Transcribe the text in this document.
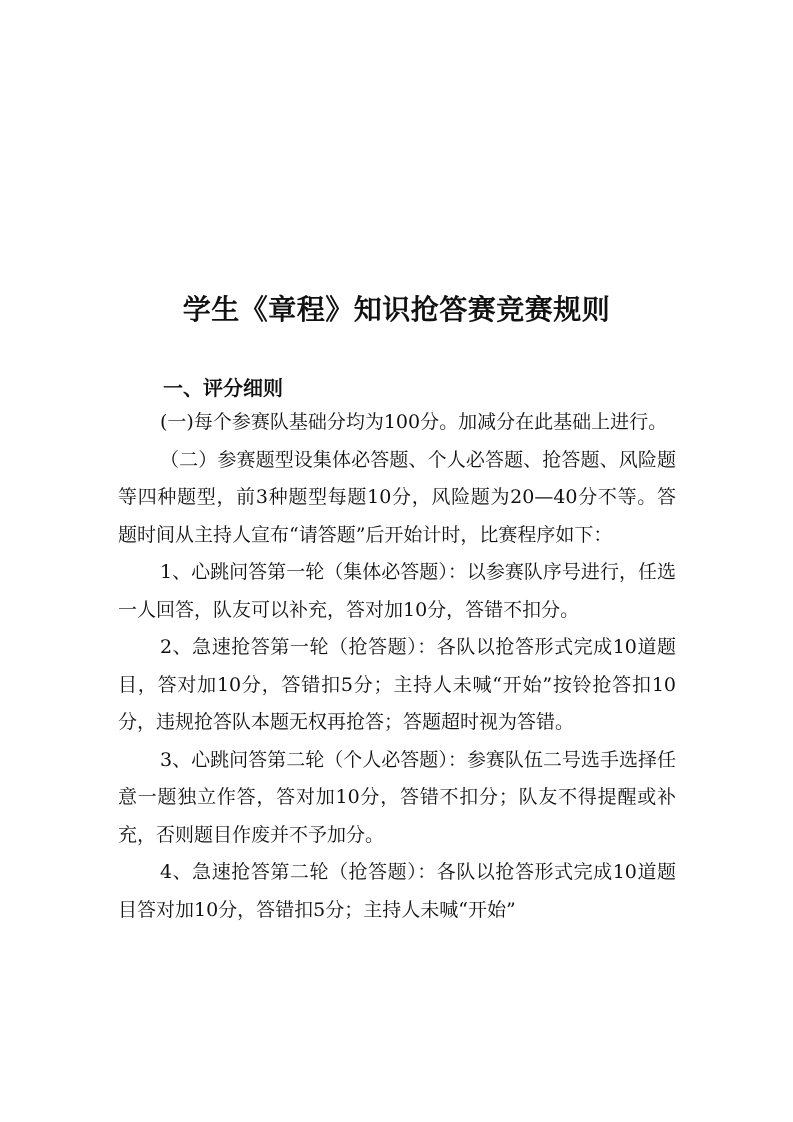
学生《章程》知识抢答赛竞赛规则
一、评分细则

(一)每个参赛队基础分均为100分。加减分在此基础上进行。

（二）参赛题型设集体必答题、个人必答题、抢答题、风险题等四种题型，前3种题型每题10分，风险题为20—40分不等。答题时间从主持人宣布“请答题”后开始计时，比赛程序如下：

1、心跳问答第一轮（集体必答题）：以参赛队序号进行，任选一人回答，队友可以补充，答对加10分，答错不扣分。

2、急速抢答第一轮（抢答题）：各队以抢答形式完成10道题目，答对加10分，答错扣5分；主持人未喊“开始”按铃抢答扣10分，违规抢答队本题无权再抢答；答题超时视为答错。

3、心跳问答第二轮（个人必答题）：参赛队伍二号选手选择任意一题独立作答，答对加10分，答错不扣分；队友不得提醒或补充，否则题目作废并不予加分。

4、急速抢答第二轮（抢答题）：各队以抢答形式完成10道题目答对加10分，答错扣5分；主持人未喊“开始”
